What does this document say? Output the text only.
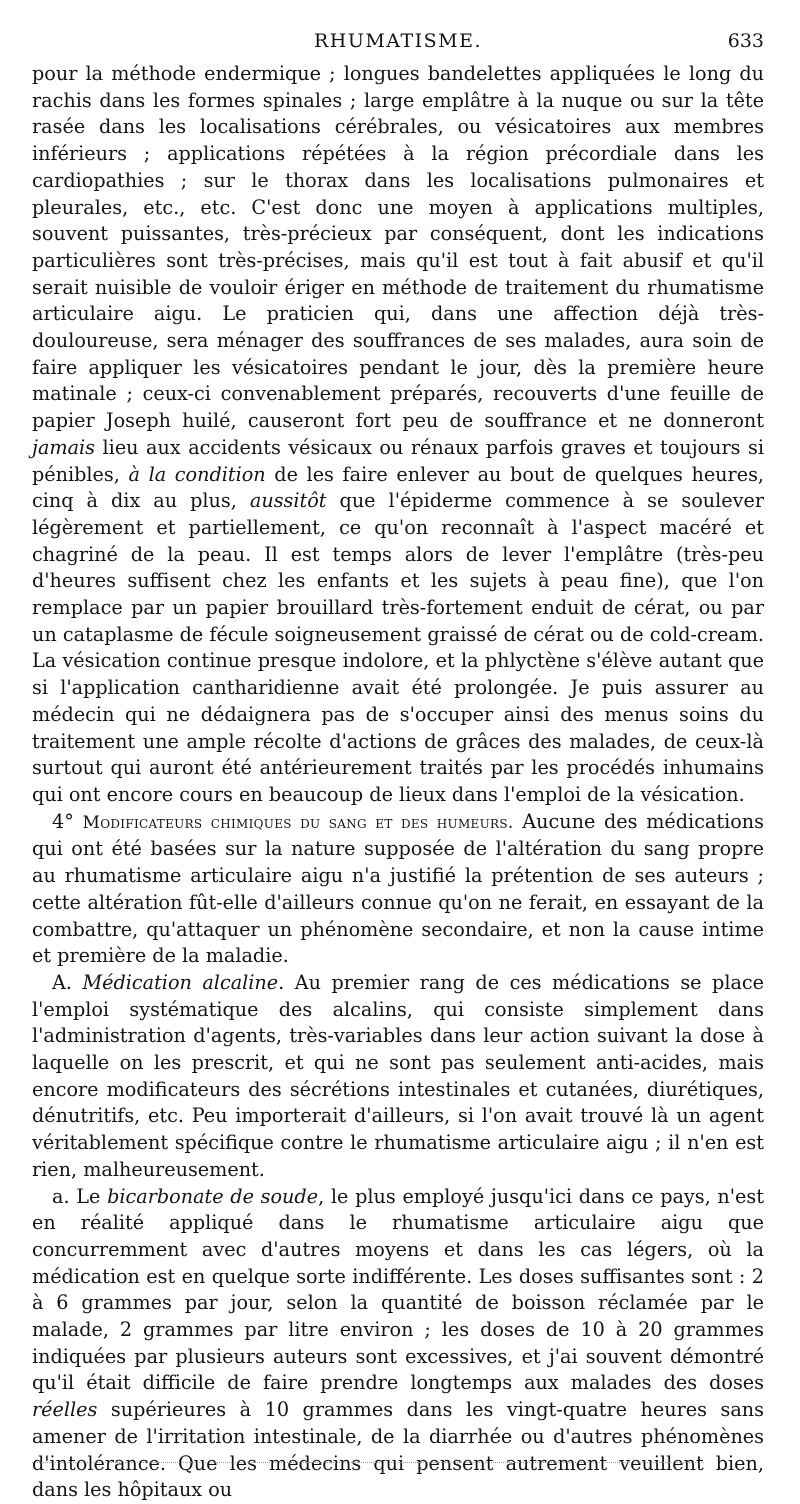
RHUMATISME.	633

pour la méthode endermique ; longues bandelettes appliquées le long du rachis dans les formes spinales ; large emplâtre à la nuque ou sur la tête rasée dans les localisations cérébrales, ou vésicatoires aux membres inférieurs ; applications répétées à la région précordiale dans les cardiopathies ; sur le thorax dans les localisations pulmonaires et pleurales, etc., etc. C'est donc une moyen à applications multiples, souvent puissantes, très-précieux par conséquent, dont les indications particulières sont très-précises, mais qu'il est tout à fait abusif et qu'il serait nuisible de vouloir ériger en méthode de traitement du rhumatisme articulaire aigu. Le praticien qui, dans une affection déjà très-douloureuse, sera ménager des souffrances de ses malades, aura soin de faire appliquer les vésicatoires pendant le jour, dès la première heure matinale ; ceux-ci convenablement préparés, recouverts d'une feuille de papier Joseph huilé, causeront fort peu de souffrance et ne donneront jamais lieu aux accidents vésicaux ou rénaux parfois graves et toujours si pénibles, à la condition de les faire enlever au bout de quelques heures, cinq à dix au plus, aussitôt que l'épiderme commence à se soulever légèrement et partiellement, ce qu'on reconnaît à l'aspect macéré et chagriné de la peau. Il est temps alors de lever l'emplâtre (très-peu d'heures suffisent chez les enfants et les sujets à peau fine), que l'on remplace par un papier brouillard très-fortement enduit de cérat, ou par un cataplasme de fécule soigneusement graissé de cérat ou de cold-cream. La vésication continue presque indolore, et la phlyctène s'élève autant que si l'application cantharidienne avait été prolongée. Je puis assurer au médecin qui ne dédaignera pas de s'occuper ainsi des menus soins du traitement une ample récolte d'actions de grâces des malades, de ceux-là surtout qui auront été antérieurement traités par les procédés inhumains qui ont encore cours en beaucoup de lieux dans l'emploi de la vésication.

4° Modificateurs chimiques du sang et des humeurs. Aucune des médications qui ont été basées sur la nature supposée de l'altération du sang propre au rhumatisme articulaire aigu n'a justifié la prétention de ses auteurs ; cette altération fût-elle d'ailleurs connue qu'on ne ferait, en essayant de la combattre, qu'attaquer un phénomène secondaire, et non la cause intime et première de la maladie.

A. Médication alcaline. Au premier rang de ces médications se place l'emploi systématique des alcalins, qui consiste simplement dans l'administration d'agents, très-variables dans leur action suivant la dose à laquelle on les prescrit, et qui ne sont pas seulement anti-acides, mais encore modificateurs des sécrétions intestinales et cutanées, diurétiques, dénutritifs, etc. Peu importerait d'ailleurs, si l'on avait trouvé là un agent véritablement spécifique contre le rhumatisme articulaire aigu ; il n'en est rien, malheureusement.

a. Le bicarbonate de soude, le plus employé jusqu'ici dans ce pays, n'est en réalité appliqué dans le rhumatisme articulaire aigu que concurremment avec d'autres moyens et dans les cas légers, où la médication est en quelque sorte indifférente. Les doses suffisantes sont : 2 à 6 grammes par jour, selon la quantité de boisson réclamée par le malade, 2 grammes par litre environ ; les doses de 10 à 20 grammes indiquées par plusieurs auteurs sont excessives, et j'ai souvent démontré qu'il était difficile de faire prendre longtemps aux malades des doses réelles supérieures à 10 grammes dans les vingt-quatre heures sans amener de l'irritation intestinale, de la diarrhée ou d'autres phénomènes d'intolérance. Que les médecins qui pensent autrement veuillent bien, dans les hôpitaux ou
